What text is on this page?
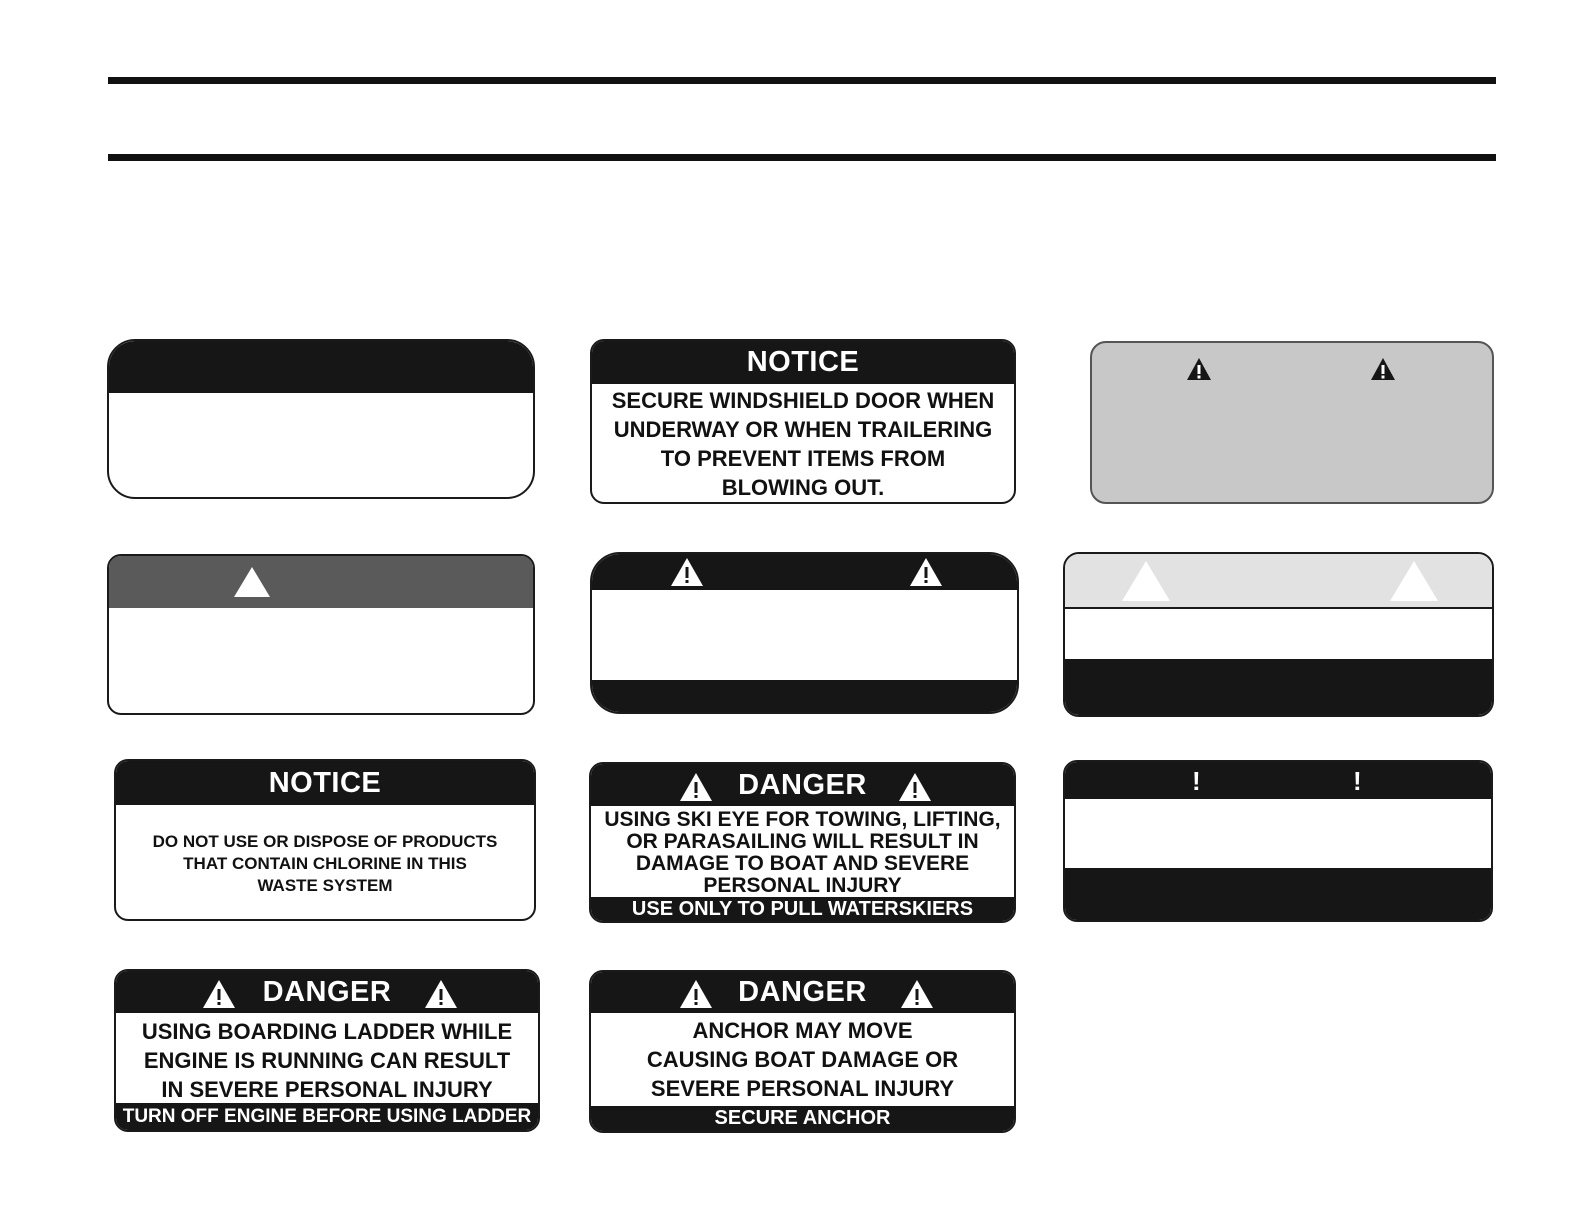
NOTICE
SECURE WINDSHIELD DOOR WHEN
UNDERWAY OR WHEN TRAILERING
TO PREVENT ITEMS FROM
BLOWING OUT.
NOTICE
DO NOT USE OR DISPOSE OF PRODUCTS
THAT CONTAIN CHLORINE IN THIS
WASTE SYSTEM
DANGER
USING SKI EYE FOR TOWING, LIFTING,
OR PARASAILING WILL RESULT IN
DAMAGE TO BOAT AND SEVERE
PERSONAL INJURY
USE ONLY TO PULL WATERSKIERS
!	!
DANGER
USING BOARDING LADDER WHILE
ENGINE IS RUNNING CAN RESULT
IN SEVERE PERSONAL INJURY
TURN OFF ENGINE BEFORE USING LADDER
DANGER
ANCHOR MAY MOVE
CAUSING BOAT DAMAGE OR
SEVERE PERSONAL INJURY
SECURE ANCHOR
